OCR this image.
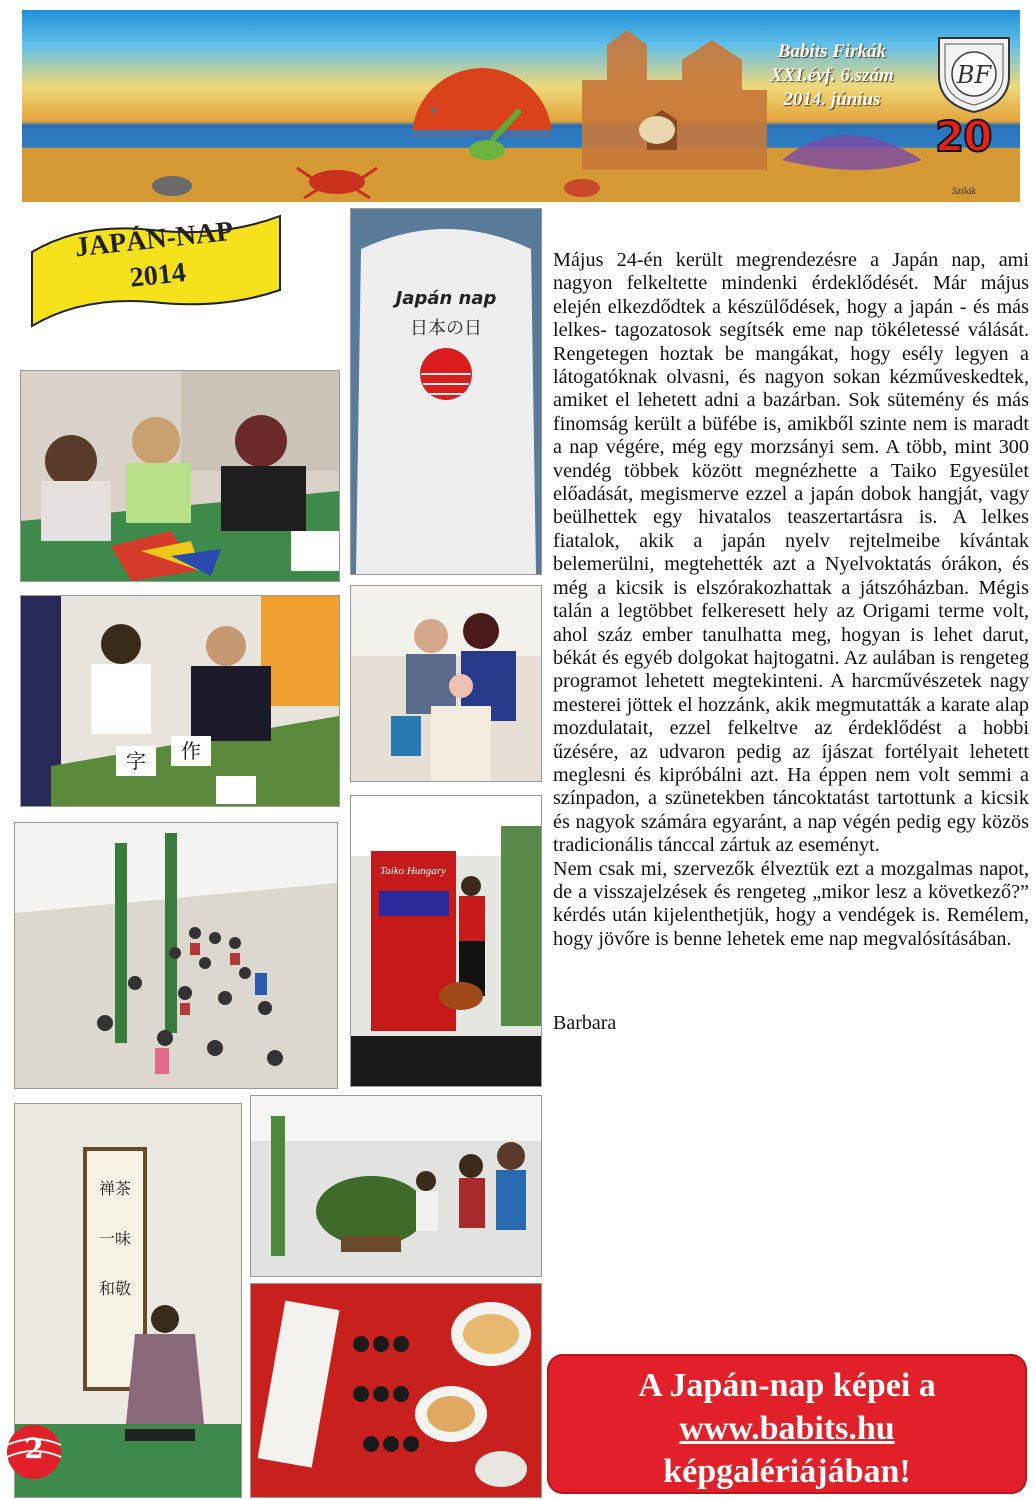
Babits Firkák
XXI.évf. 6.szám
2014. június
Szilák
BF
20
JAPÁN-NAP
2014
Japán nap
日本の日
字 作
Taiko Hungary
禅茶
一味
和敬

Május 24-én került megrendezésre a Japán nap, ami nagyon felkeltette mindenki érdeklődését. Már május elején elkezdődtek a készülődések, hogy a japán - és más lelkes- tagozatosok segítsék eme nap tökéletessé válását. Rengetegen hoztak be mangákat, hogy esély legyen a látogatóknak olvasni, és nagyon sokan kézműveskedtek, amiket el lehetett adni a bazárban. Sok sütemény és más finomság került a büfébe is, amikből szinte nem is maradt a nap végére, még egy morzsányi sem. A több, mint 300 vendég többek között megnézhette a Taiko Egyesület előadását, megismerve ezzel a japán dobok hangját, vagy beülhettek egy hivatalos teaszertartásra is. A lelkes fiatalok, akik a japán nyelv rejtelmeibe kívántak belemerülni, megtehették azt a Nyelvoktatás órákon, és még a kicsik is elszórakozhattak a játszóházban. Mégis talán a legtöbbet felkeresett hely az Origami terme volt, ahol száz ember tanulhatta meg, hogyan is lehet darut, békát és egyéb dolgokat hajtogatni. Az aulában is rengeteg programot lehetett megtekinteni. A harcművészetek nagy mesterei jöttek el hozzánk, akik megmutatták a karate alap mozdulatait, ezzel felkeltve az érdeklődést a hobbi űzésére, az udvaron pedig az íjászat fortélyait lehetett meglesni és kipróbálni azt. Ha éppen nem volt semmi a színpadon, a szünetekben táncoktatást tartottunk a kicsik és nagyok számára egyaránt, a nap végén pedig egy közös tradicionális tánccal zártuk az eseményt.

Nem csak mi, szervezők élveztük ezt a mozgalmas napot, de a visszajelzések és rengeteg „mikor lesz a következő?” kérdés után kijelenthetjük, hogy a vendégek is. Remélem, hogy jövőre is benne lehetek eme nap megvalósításában.

Barbara
A Japán-nap képei a
www.babits.hu
képgalériájában!
2
